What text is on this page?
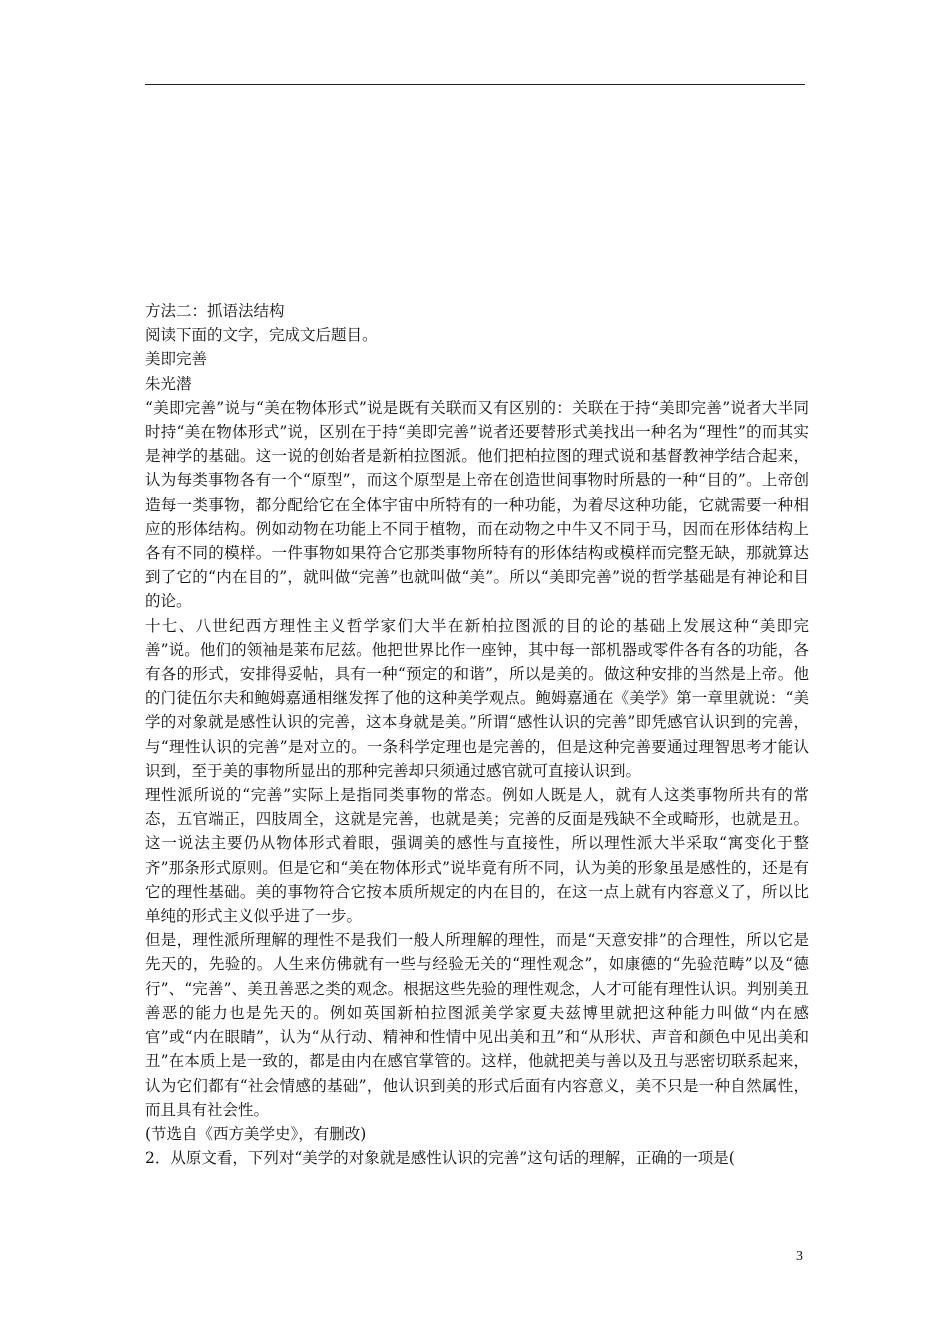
方法二：抓语法结构

阅读下面的文字，完成文后题目。

美即完善

朱光潜

“美即完善”说与“美在物体形式”说是既有关联而又有区别的：关联在于持“美即完善”说者大半同时持“美在物体形式”说，区别在于持“美即完善”说者还要替形式美找出一种名为“理性”的而其实是神学的基础。这一说的创始者是新柏拉图派。他们把柏拉图的理式说和基督教神学结合起来，认为每类事物各有一个“原型”，而这个原型是上帝在创造世间事物时所悬的一种“目的”。上帝创造每一类事物，都分配给它在全体宇宙中所特有的一种功能，为着尽这种功能，它就需要一种相应的形体结构。例如动物在功能上不同于植物，而在动物之中牛又不同于马，因而在形体结构上各有不同的模样。一件事物如果符合它那类事物所特有的形体结构或模样而完整无缺，那就算达到了它的“内在目的”，就叫做“完善”也就叫做“美”。所以“美即完善”说的哲学基础是有神论和目的论。

十七、八世纪西方理性主义哲学家们大半在新柏拉图派的目的论的基础上发展这种“美即完善”说。他们的领袖是莱布尼兹。他把世界比作一座钟，其中每一部机器或零件各有各的功能，各有各的形式，安排得妥帖，具有一种“预定的和谐”，所以是美的。做这种安排的当然是上帝。他的门徒伍尔夫和鲍姆嘉通相继发挥了他的这种美学观点。鲍姆嘉通在《美学》第一章里就说：“美学的对象就是感性认识的完善，这本身就是美。”所谓“感性认识的完善”即凭感官认识到的完善，与“理性认识的完善”是对立的。一条科学定理也是完善的，但是这种完善要通过理智思考才能认识到，至于美的事物所显出的那种完善却只须通过感官就可直接认识到。

理性派所说的“完善”实际上是指同类事物的常态。例如人既是人，就有人这类事物所共有的常态，五官端正，四肢周全，这就是完善，也就是美；完善的反面是残缺不全或畸形，也就是丑。这一说法主要仍从物体形式着眼，强调美的感性与直接性，所以理性派大半采取“寓变化于整齐”那条形式原则。但是它和“美在物体形式”说毕竟有所不同，认为美的形象虽是感性的，还是有它的理性基础。美的事物符合它按本质所规定的内在目的，在这一点上就有内容意义了，所以比单纯的形式主义似乎进了一步。

但是，理性派所理解的理性不是我们一般人所理解的理性，而是“天意安排”的合理性，所以它是先天的，先验的。人生来仿佛就有一些与经验无关的“理性观念”，如康德的“先验范畴”以及“德行”、“完善”、美丑善恶之类的观念。根据这些先验的理性观念，人才可能有理性认识。判别美丑善恶的能力也是先天的。例如英国新柏拉图派美学家夏夫兹博里就把这种能力叫做“内在感官”或“内在眼睛”，认为“从行动、精神和性情中见出美和丑”和“从形状、声音和颜色中见出美和丑”在本质上是一致的，都是由内在感官掌管的。这样，他就把美与善以及丑与恶密切联系起来，认为它们都有“社会情感的基础”，他认识到美的形式后面有内容意义，美不只是一种自然属性，而且具有社会性。

(节选自《西方美学史》，有删改)

2．从原文看，下列对“美学的对象就是感性认识的完善”这句话的理解，正确的一项是(

3
